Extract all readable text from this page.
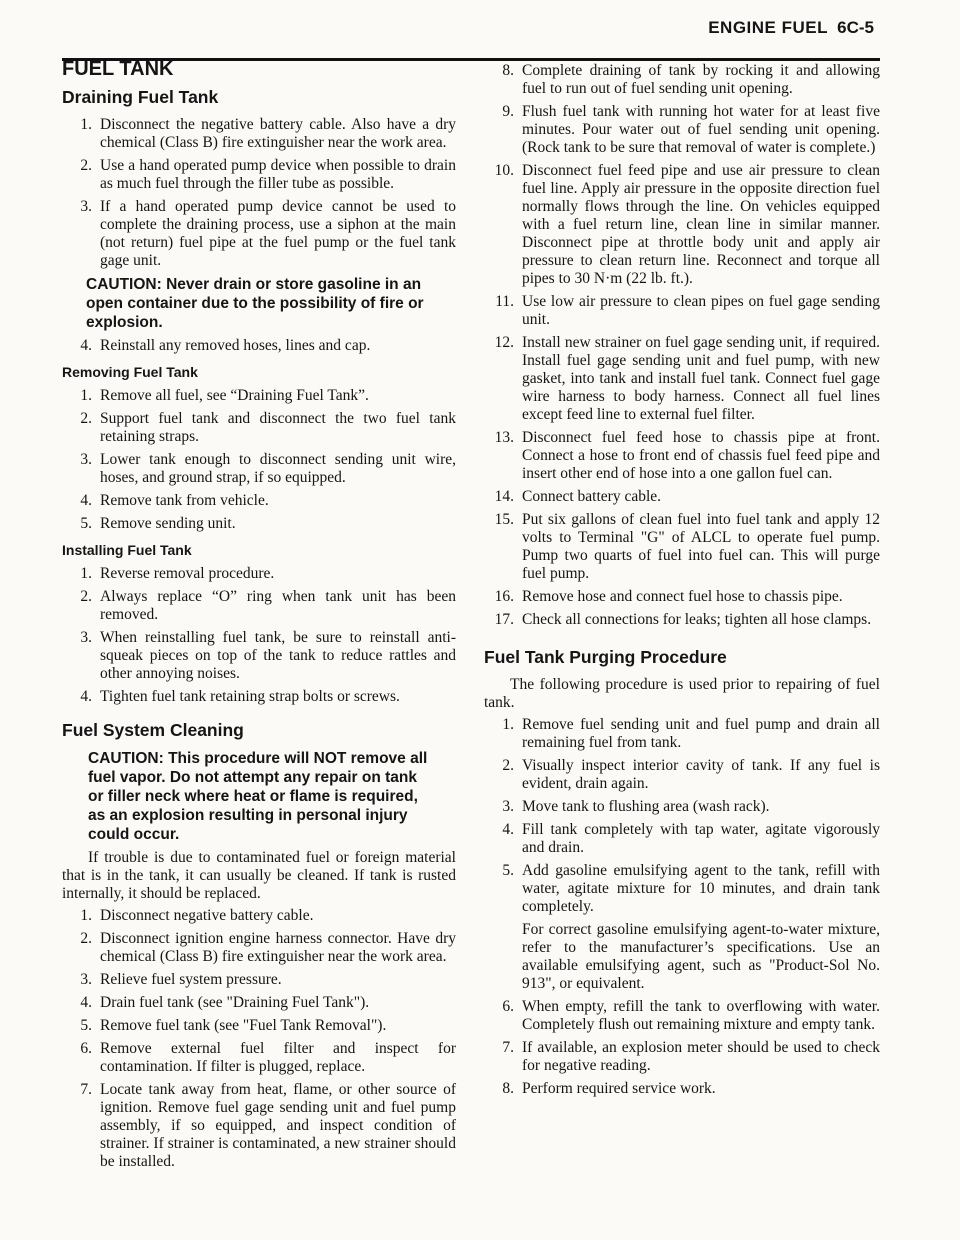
ENGINE FUEL 6C-5
FUEL TANK
Draining Fuel Tank
1. Disconnect the negative battery cable. Also have a dry chemical (Class B) fire extinguisher near the work area.
2. Use a hand operated pump device when possible to drain as much fuel through the filler tube as possible.
3. If a hand operated pump device cannot be used to complete the draining process, use a siphon at the main (not return) fuel pipe at the fuel pump or the fuel tank gage unit.
CAUTION: Never drain or store gasoline in an open container due to the possibility of fire or explosion.
4. Reinstall any removed hoses, lines and cap.
Removing Fuel Tank
1. Remove all fuel, see “Draining Fuel Tank”.
2. Support fuel tank and disconnect the two fuel tank retaining straps.
3. Lower tank enough to disconnect sending unit wire, hoses, and ground strap, if so equipped.
4. Remove tank from vehicle.
5. Remove sending unit.
Installing Fuel Tank
1. Reverse removal procedure.
2. Always replace “O” ring when tank unit has been removed.
3. When reinstalling fuel tank, be sure to reinstall anti-squeak pieces on top of the tank to reduce rattles and other annoying noises.
4. Tighten fuel tank retaining strap bolts or screws.
Fuel System Cleaning
CAUTION: This procedure will NOT remove all fuel vapor. Do not attempt any repair on tank or filler neck where heat or flame is required, as an explosion resulting in personal injury could occur.
If trouble is due to contaminated fuel or foreign material that is in the tank, it can usually be cleaned. If tank is rusted internally, it should be replaced.
1. Disconnect negative battery cable.
2. Disconnect ignition engine harness connector. Have dry chemical (Class B) fire extinguisher near the work area.
3. Relieve fuel system pressure.
4. Drain fuel tank (see "Draining Fuel Tank").
5. Remove fuel tank (see "Fuel Tank Removal").
6. Remove external fuel filter and inspect for contamination. If filter is plugged, replace.
7. Locate tank away from heat, flame, or other source of ignition. Remove fuel gage sending unit and fuel pump assembly, if so equipped, and inspect condition of strainer. If strainer is contaminated, a new strainer should be installed.
8. Complete draining of tank by rocking it and allowing fuel to run out of fuel sending unit opening.
9. Flush fuel tank with running hot water for at least five minutes. Pour water out of fuel sending unit opening. (Rock tank to be sure that removal of water is complete.)
10. Disconnect fuel feed pipe and use air pressure to clean fuel line. Apply air pressure in the opposite direction fuel normally flows through the line. On vehicles equipped with a fuel return line, clean line in similar manner. Disconnect pipe at throttle body unit and apply air pressure to clean return line. Reconnect and torque all pipes to 30 N·m (22 lb. ft.).
11. Use low air pressure to clean pipes on fuel gage sending unit.
12. Install new strainer on fuel gage sending unit, if required. Install fuel gage sending unit and fuel pump, with new gasket, into tank and install fuel tank. Connect fuel gage wire harness to body harness. Connect all fuel lines except feed line to external fuel filter.
13. Disconnect fuel feed hose to chassis pipe at front. Connect a hose to front end of chassis fuel feed pipe and insert other end of hose into a one gallon fuel can.
14. Connect battery cable.
15. Put six gallons of clean fuel into fuel tank and apply 12 volts to Terminal "G" of ALCL to operate fuel pump. Pump two quarts of fuel into fuel can. This will purge fuel pump.
16. Remove hose and connect fuel hose to chassis pipe.
17. Check all connections for leaks; tighten all hose clamps.
Fuel Tank Purging Procedure
The following procedure is used prior to repairing of fuel tank.
1. Remove fuel sending unit and fuel pump and drain all remaining fuel from tank.
2. Visually inspect interior cavity of tank. If any fuel is evident, drain again.
3. Move tank to flushing area (wash rack).
4. Fill tank completely with tap water, agitate vigorously and drain.
5. Add gasoline emulsifying agent to the tank, refill with water, agitate mixture for 10 minutes, and drain tank completely.
For correct gasoline emulsifying agent-to-water mixture, refer to the manufacturer’s specifications. Use an available emulsifying agent, such as "Product-Sol No. 913", or equivalent.
6. When empty, refill the tank to overflowing with water. Completely flush out remaining mixture and empty tank.
7. If available, an explosion meter should be used to check for negative reading.
8. Perform required service work.
